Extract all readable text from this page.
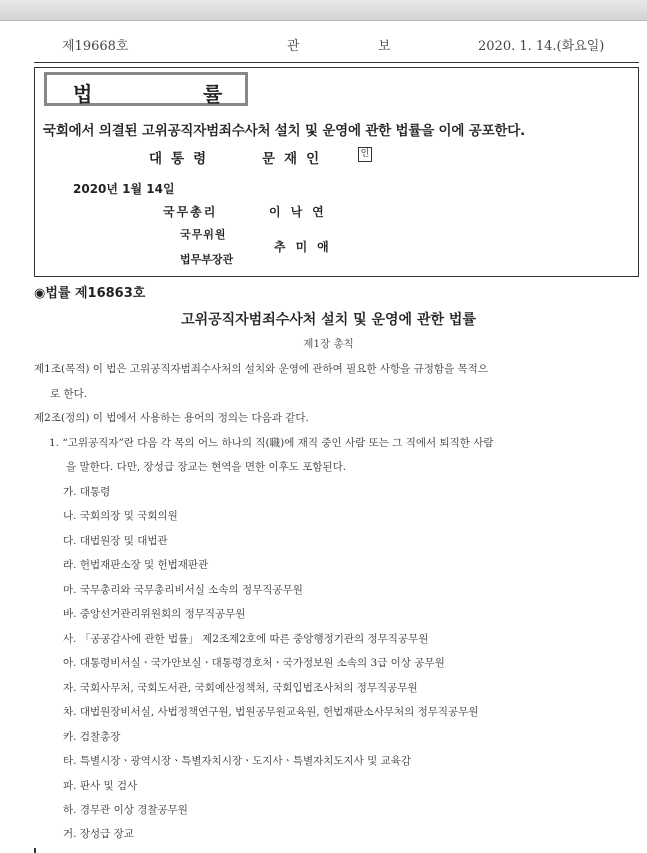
제19668호	관	보	2020. 1. 14.(화요일)
법	률
국회에서 의결된 고위공직자범죄수사처 설치 및 운영에 관한 법률을 이에 공포한다.
대통령	문재인	인
2020년 1월 14일
국무총리	이낙연
국무위원
법무부장관
추미애
◉법률 제16863호
고위공직자범죄수사처 설치 및 운영에 관한 법률
제1장 총칙
제1조(목적) 이 법은 고위공직자범죄수사처의 설치와 운영에 관하여 필요한 사항을 규정함을 목적으
로 한다.
제2조(정의) 이 법에서 사용하는 용어의 정의는 다음과 같다.
1. “고위공직자”란 다음 각 목의 어느 하나의 직(職)에 재직 중인 사람 또는 그 직에서 퇴직한 사람
을 말한다. 다만, 장성급 장교는 현역을 면한 이후도 포함된다.
가. 대통령
나. 국회의장 및 국회의원
다. 대법원장 및 대법관
라. 헌법재판소장 및 헌법재판관
마. 국무총리와 국무총리비서실 소속의 정무직공무원
바. 중앙선거관리위원회의 정무직공무원
사. 「공공감사에 관한 법률」 제2조제2호에 따른 중앙행정기관의 정무직공무원
아. 대통령비서실ㆍ국가안보실ㆍ대통령경호처ㆍ국가정보원 소속의 3급 이상 공무원
자. 국회사무처, 국회도서관, 국회예산정책처, 국회입법조사처의 정무직공무원
차. 대법원장비서실, 사법정책연구원, 법원공무원교육원, 헌법재판소사무처의 정무직공무원
카. 검찰총장
타. 특별시장ㆍ광역시장ㆍ특별자치시장ㆍ도지사ㆍ특별자치도지사 및 교육감
파. 판사 및 검사
하. 경무관 이상 경찰공무원
거. 장성급 장교
